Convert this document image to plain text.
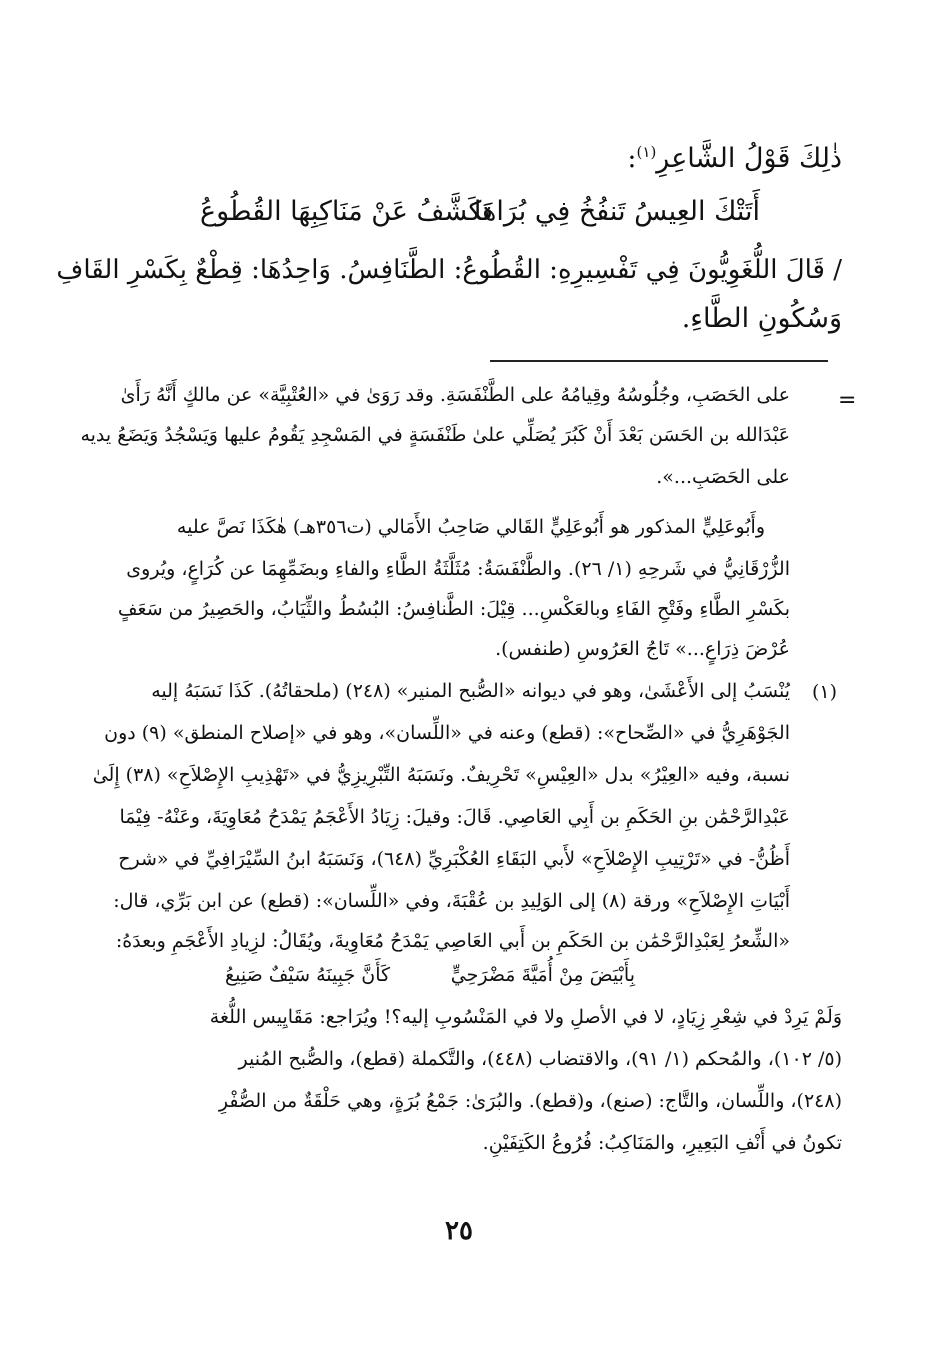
ذٰلِكَ قَوْلُ الشَّاعِرِ$^{(١)}$:
أَتَتْكَ العِيسُ تَنفُخُ فِي بُرَاهَا
تَكَشَّفُ عَنْ مَنَاكِبِهَا القُطُوعُ
/ قَالَ اللُّغَوِيُّونَ فِي تَفْسِيرِهِ: القُطُوعُ: الطَّنَافِسُ. وَاحِدُهَا: قِطْعٌ بِكَسْرِ القَافِ
وَسُكُونِ الطَّاءِ.
=
على الحَصَبِ، وجُلُوسُهُ وقِيامُهُ على الطَّنْفَسَةِ. وقد رَوَىٰ في «العُتْبِيَّة» عن مالكٍ أَنَّهُ رَأَىٰ
عَبْدَالله بن الحَسَن بَعْدَ أَنْ كَبُرَ يُصَلِّي علىٰ طَنْفَسَةٍ في المَسْجِدِ يَقُومُ عليها وَيَسْجُدُ وَيَضَعُ يديه
على الحَصَبِ...».
وأَبُوعَلِيٍّ المذكور هو أَبُوعَلِيٍّ القَالي صَاحِبُ الأَمَالي (ت٣٥٦هـ) هٰكَذَا نَصَّ عليه
الزُّرْقَانِيُّ في شَرحِهِ (١/ ٢٦). والطَّنْفَسَةُ: مُثَلَّثَةُ الطَّاءِ والفاءِ وبضَمِّهِمَا عن كُرَاعٍ، ويُروى
بكَسْرِ الطَّاءِ وفَتْحِ الفَاءِ وبالعَكْسِ... قِيْلَ: الطَّنافِسُ: البُسُطُ والثِّيَابُ، والحَصِيرُ من سَعَفٍ
عُرْضَ ذِرَاعٍ...» تَاجُ العَرُوسِ (طنفس).
(١)
يُنْسَبُ إلى الأَعْشَىٰ، وهو في ديوانه «الصُّبح المنير» (٢٤٨) (ملحقاتُهُ). كَذَا نَسَبَهُ إليه
الجَوْهَرِيُّ في «الصِّحاح»: (قطع) وعنه في «اللِّسان»، وهو في «إصلاح المنطق» (٩) دون
نسبة، وفيه «العِيْرُ» بدل «العِيْسِ» تَحْرِيفٌ. ونَسَبَهُ التِّبْرِيزِيُّ في «تَهْذِيبِ الإِصْلاَحِ» (٣٨) إِلَىٰ
عَبْدِالرَّحْمَٰن بنِ الحَكَمِ بن أَبِي العَاصِي. قَالَ: وقيلَ: زِيَادُ الأَعْجَمُ يَمْدَحُ مُعَاوِيَةَ، وعَنْهُ- فِيْمَا
أَظُنُّ- في «تَرْتِيبِ الإِصْلاَحِ» لأَبي البَقَاءِ العُكْبَرِيِّ (٦٤٨)، وَنَسَبَهُ ابنُ السِّيْرَافِيِّ في «شرح
أَبْيَاتِ الإِصْلاَحِ» ورقة (٨) إلى الوَلِيدِ بن عُقْبَةَ، وفي «اللِّسان»: (قطع) عن ابن بَرِّي، قال:
«الشِّعرُ لِعَبْدِالرَّحْمَٰن بن الحَكَمِ بن أَبي العَاصِي يَمْدَحُ مُعَاوِيةَ، ويُقَالُ: لزِيادِ الأَعْجَمِ وبعدَهُ:
بِأَبْيَضَ مِنْ أُمَيَّةَ مَضْرَحِيٍّ
كَأَنَّ جَبِينَهُ سَيْفٌ صَنِيعُ
وَلَمْ يَرِدْ في شِعْرِ زِيَادٍ، لا في الأصلِ ولا في المَنْسُوبِ إليه؟! ويُرَاجع: مَقَايِيس اللُّغة
(٥/ ١٠٢)، والمُحكم (١/ ٩١)، والاقتضاب (٤٤٨)، والتَّكملة (قطع)، والصُّبح المُنير
(٢٤٨)، واللِّسان، والتَّاج: (صنع)، و(قطع). والبُرَىٰ: جَمْعُ بُرَةٍ، وهي حَلْقَةٌ من الصُّفْرِ
تكونُ في أَنْفِ البَعِيرِ، والمَنَاكِبُ: فُرُوعُ الكَتِفَيْنِ.
٢٥
